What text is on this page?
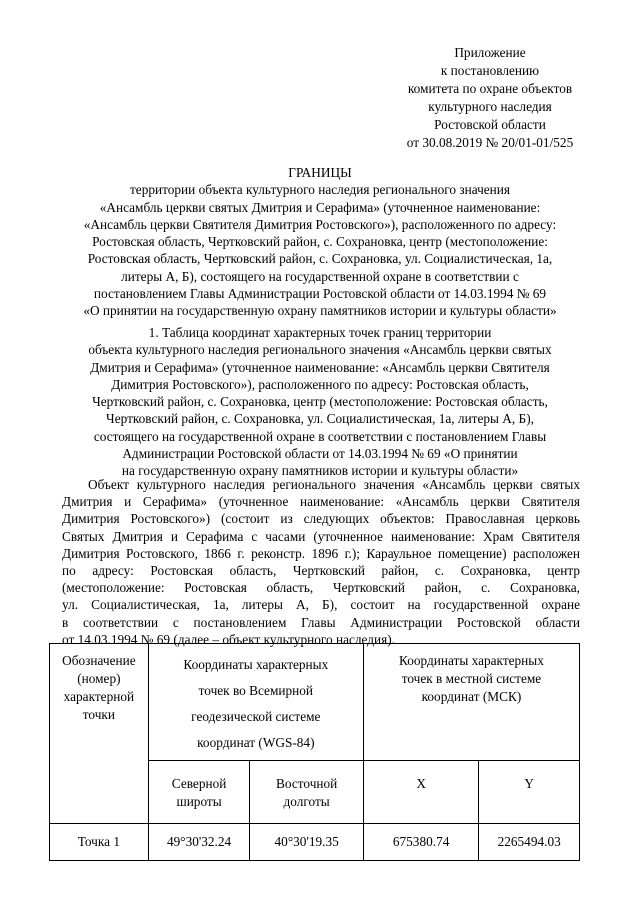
Приложение
к постановлению
комитета по охране объектов
культурного наследия
Ростовской области
от 30.08.2019 № 20/01-01/525
ГРАНИЦЫ
территории объекта культурного наследия регионального значения
«Ансамбль церкви святых Дмитрия и Серафима» (уточненное наименование:
«Ансамбль церкви Святителя Димитрия Ростовского»), расположенного по адресу:
Ростовская область, Чертковский район, с. Сохрановка, центр (местоположение:
Ростовская область, Чертковский район, с. Сохрановка, ул. Социалистическая, 1а,
литеры А, Б), состоящего на государственной охране в соответствии с
постановлением Главы Администрации Ростовской области от 14.03.1994 № 69
«О принятии на государственную охрану памятников истории и культуры области»
1. Таблица координат характерных точек границ территории
объекта культурного наследия регионального значения «Ансамбль церкви святых
Дмитрия и Серафима» (уточненное наименование: «Ансамбль церкви Святителя
Димитрия Ростовского»), расположенного по адресу: Ростовская область,
Чертковский район, с. Сохрановка, центр (местоположение: Ростовская область,
Чертковский район, с. Сохрановка, ул. Социалистическая, 1а, литеры А, Б),
состоящего на государственной охране в соответствии с постановлением Главы
Администрации Ростовской области от 14.03.1994 № 69 «О принятии
на государственную охрану памятников истории и культуры области»
Объект культурного наследия регионального значения «Ансамбль церкви святых
Дмитрия и Серафима» (уточненное наименование: «Ансамбль церкви Святителя
Димитрия Ростовского») (состоит из следующих объектов: Православная церковь
Святых Дмитрия и Серафима с часами (уточненное наименование: Храм Святителя
Димитрия Ростовского, 1866 г. реконстр. 1896 г.); Караульное помещение) расположен
по адресу: Ростовская область, Чертковский район, с. Сохрановка, центр
(местоположение: Ростовская область, Чертковский район, с. Сохрановка,
ул. Социалистическая, 1а, литеры А, Б), состоит на государственной охране
в соответствии с постановлением Главы Администрации Ростовской области
от 14.03.1994 № 69 (далее – объект культурного наследия).
Обозначение
(номер)
характерной
точки	Координаты характерных
точек во Всемирной
геодезической системе
координат (WGS-84)		Координаты характерных
точек в местной системе
координат (МСК)	

	Северной
широты	Восточной
долготы	X	Y
Точка 1	49°30'32.24	40°30'19.35	675380.74	2265494.03
